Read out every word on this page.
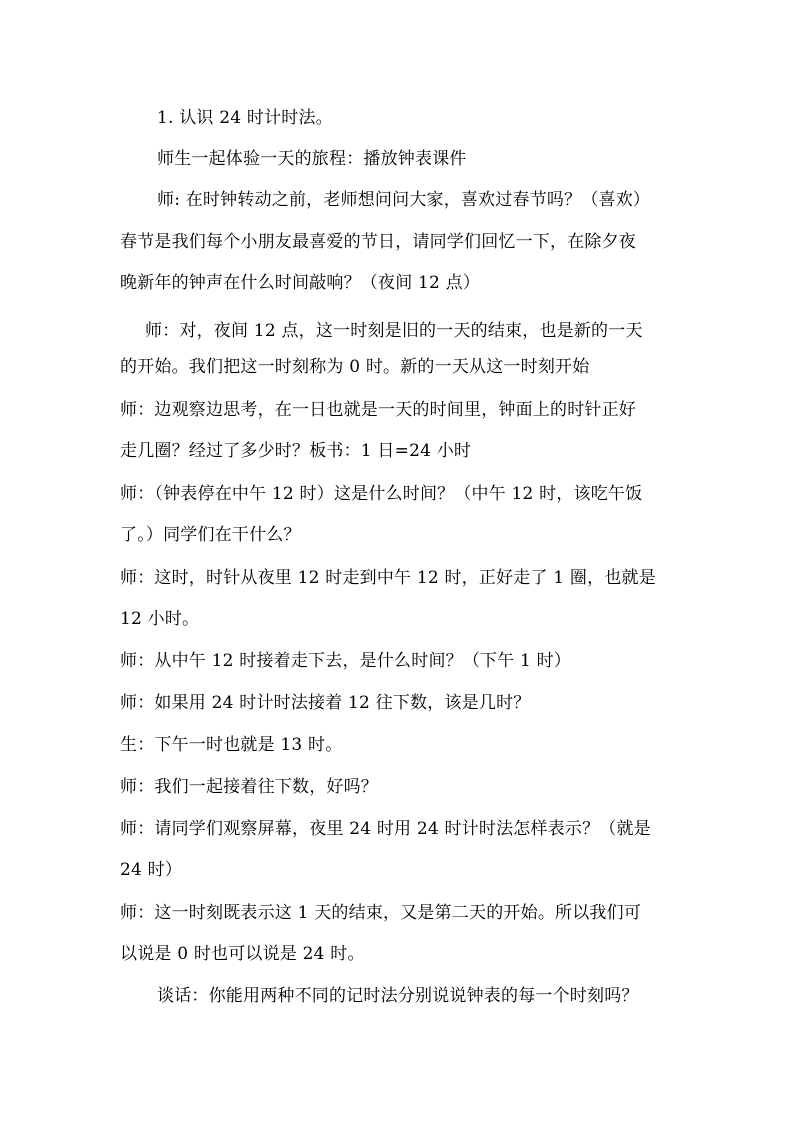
1. 认识 24 时计时法。
师生一起体验一天的旅程：播放钟表课件
师: 在时钟转动之前，老师想问问大家，喜欢过春节吗？（喜欢）
春节是我们每个小朋友最喜爱的节日，请同学们回忆一下，在除夕夜
晚新年的钟声在什么时间敲响？（夜间 12 点）
师：对，夜间 12 点，这一时刻是旧的一天的结束，也是新的一天
的开始。我们把这一时刻称为 0 时。新的一天从这一时刻开始
师：边观察边思考，在一日也就是一天的时间里，钟面上的时针正好
走几圈？经过了多少时？板书：1 日=24 小时
师：（钟表停在中午 12 时）这是什么时间？（中午 12 时，该吃午饭
了。）同学们在干什么？
师：这时，时针从夜里 12 时走到中午 12 时，正好走了 1 圈，也就是
12 小时。
师：从中午 12 时接着走下去，是什么时间？（下午 1 时）
师：如果用 24 时计时法接着 12 往下数，该是几时？
生：下午一时也就是 13 时。
师：我们一起接着往下数，好吗？
师：请同学们观察屏幕，夜里 24 时用 24 时计时法怎样表示？（就是
24 时）
师：这一时刻既表示这 1 天的结束，又是第二天的开始。所以我们可
以说是 0 时也可以说是 24 时。
谈话：你能用两种不同的记时法分别说说钟表的每一个时刻吗？
